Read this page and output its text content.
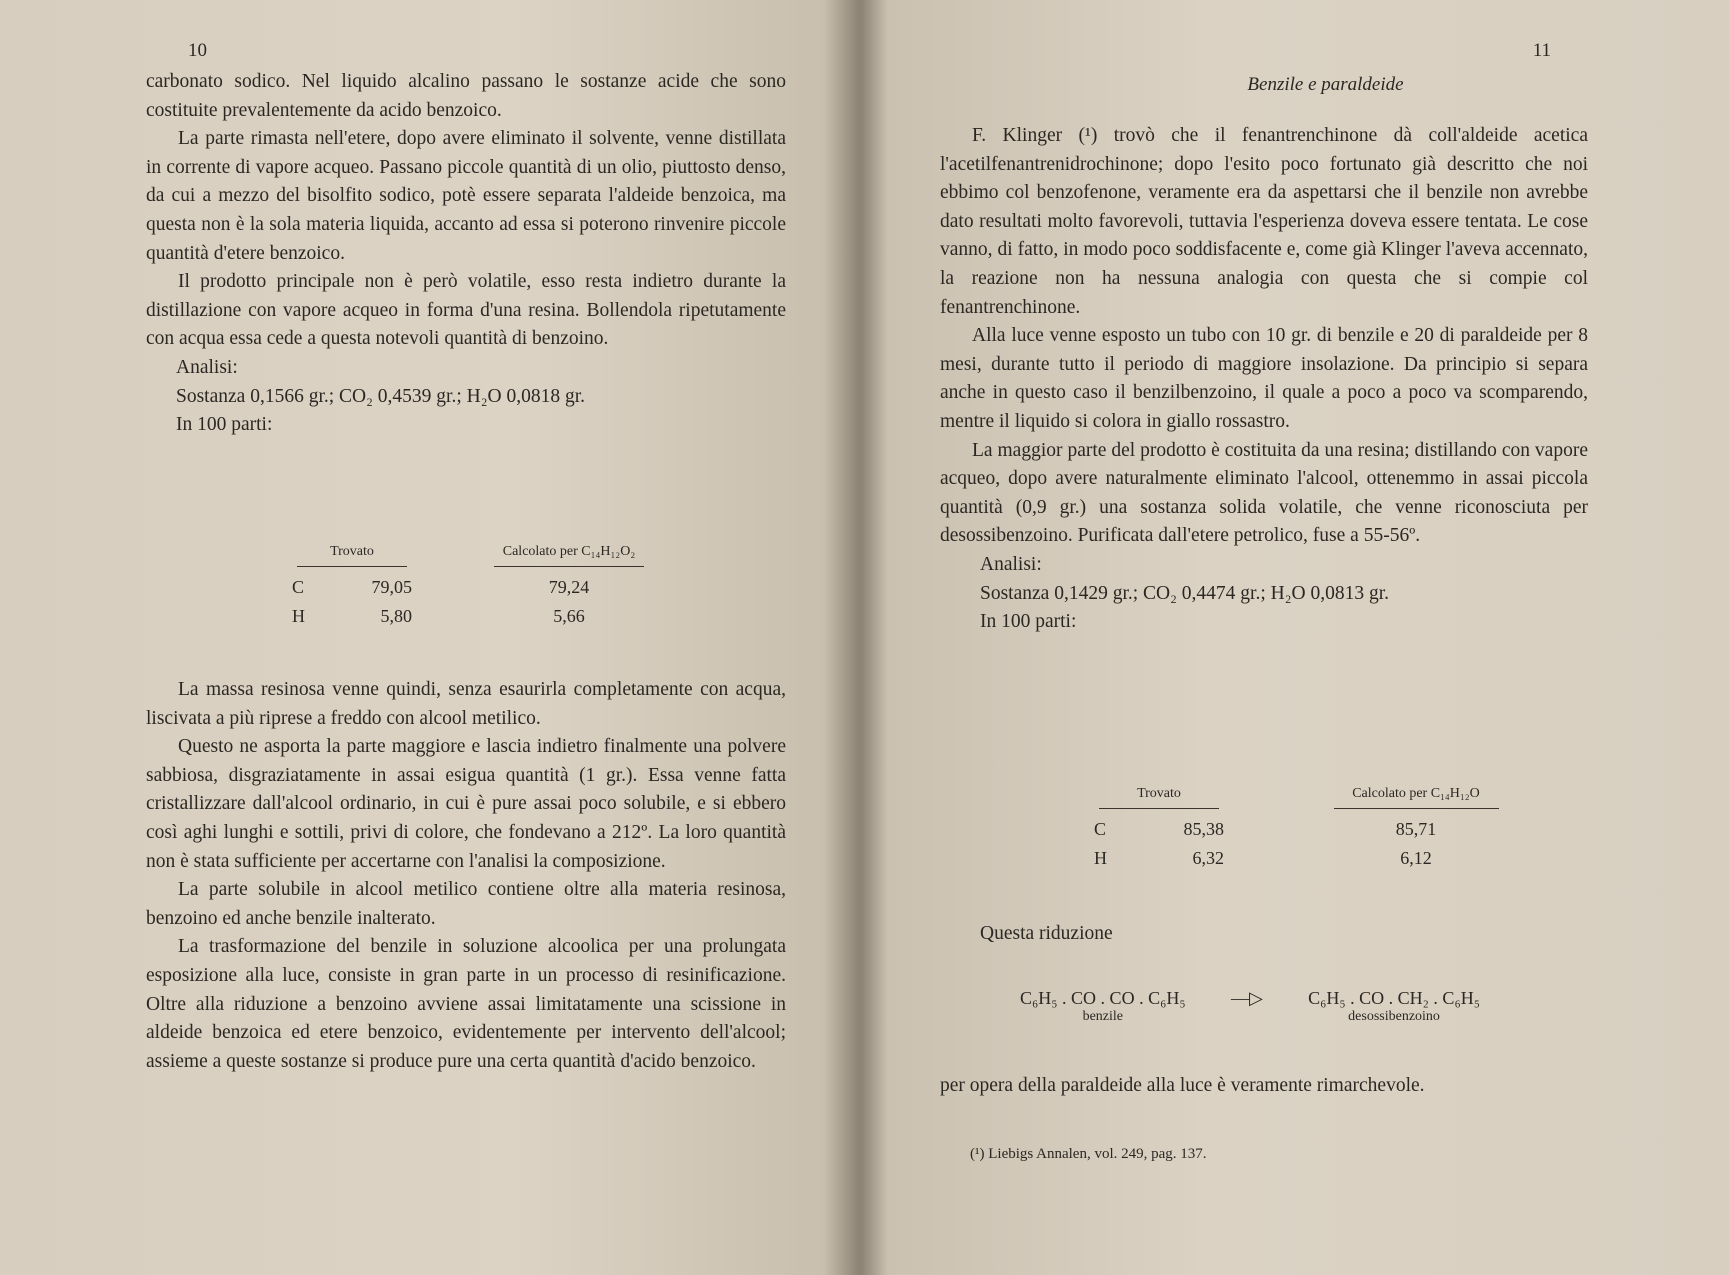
10

carbonato sodico. Nel liquido alcalino passano le sostanze acide che sono costituite prevalentemente da acido benzoico.

La parte rimasta nell'etere, dopo avere eliminato il solvente, venne distillata in corrente di vapore acqueo. Passano piccole quantità di un olio, piuttosto denso, da cui a mezzo del bisolfito sodico, potè essere separata l'aldeide benzoica, ma questa non è la sola materia liquida, accanto ad essa si poterono rinvenire piccole quantità d'etere benzoico.

Il prodotto principale non è però volatile, esso resta indietro durante la distillazione con vapore acqueo in forma d'una resina. Bollendola ripetutamente con acqua essa cede a questa notevoli quantità di benzoino.

Analisi:

Sostanza 0,1566 gr.; CO₂ 0,4539 gr.; H₂O 0,0818 gr.

In 100 parti:

Trovato			Calcolato per C₁₄H₁₂O₂

C	79,05		79,24
H	5,80		5,66

La massa resinosa venne quindi, senza esaurirla completamente con acqua, liscivata a più riprese a freddo con alcool metilico.

Questo ne asporta la parte maggiore e lascia indietro finalmente una polvere sabbiosa, disgraziatamente in assai esigua quantità (1 gr.). Essa venne fatta cristallizzare dall'alcool ordinario, in cui è pure assai poco solubile, e si ebbero così aghi lunghi e sottili, privi di colore, che fondevano a 212º. La loro quantità non è stata sufficiente per accertarne con l'analisi la composizione.

La parte solubile in alcool metilico contiene oltre alla materia resinosa, benzoino ed anche benzile inalterato.

La trasformazione del benzile in soluzione alcoolica per una prolungata esposizione alla luce, consiste in gran parte in un processo di resinificazione. Oltre alla riduzione a benzoino avviene assai limitatamente una scissione in aldeide benzoica ed etere benzoico, evidentemente per intervento dell'alcool; assieme a queste sostanze si produce pure una certa quantità d'acido benzoico.

11
Benzile e paraldeide

F. Klinger (¹) trovò che il fenantrenchinone dà coll'aldeide acetica l'acetilfenantrenidrochinone; dopo l'esito poco fortunato già descritto che noi ebbimo col benzofenone, veramente era da aspettarsi che il benzile non avrebbe dato resultati molto favorevoli, tuttavia l'esperienza doveva essere tentata. Le cose vanno, di fatto, in modo poco soddisfacente e, come già Klinger l'aveva accennato, la reazione non ha nessuna analogia con questa che si compie col fenantrenchinone.

Alla luce venne esposto un tubo con 10 gr. di benzile e 20 di paraldeide per 8 mesi, durante tutto il periodo di maggiore insolazione. Da principio si separa anche in questo caso il benzilbenzoino, il quale a poco a poco va scomparendo, mentre il liquido si colora in giallo rossastro.

La maggior parte del prodotto è costituita da una resina; distillando con vapore acqueo, dopo avere naturalmente eliminato l'alcool, ottenemmo in assai piccola quantità (0,9 gr.) una sostanza solida volatile, che venne riconosciuta per desossibenzoino. Purificata dall'etere petrolico, fuse a 55-56º.

Analisi:

Sostanza 0,1429 gr.; CO₂ 0,4474 gr.; H₂O 0,0813 gr.

In 100 parti:

Trovato			Calcolato per C₁₄H₁₂O

C	85,38		85,71
H	6,32		6,12
Questa riduzione
C₆H₅ . CO . CO . C₆H₅
benzile
—▷	C₆H₅ . CO . CH₂ . C₆H₅
desossibenzoino
per opera della paraldeide alla luce è veramente rimarchevole.
(¹) Liebigs Annalen, vol. 249, pag. 137.
